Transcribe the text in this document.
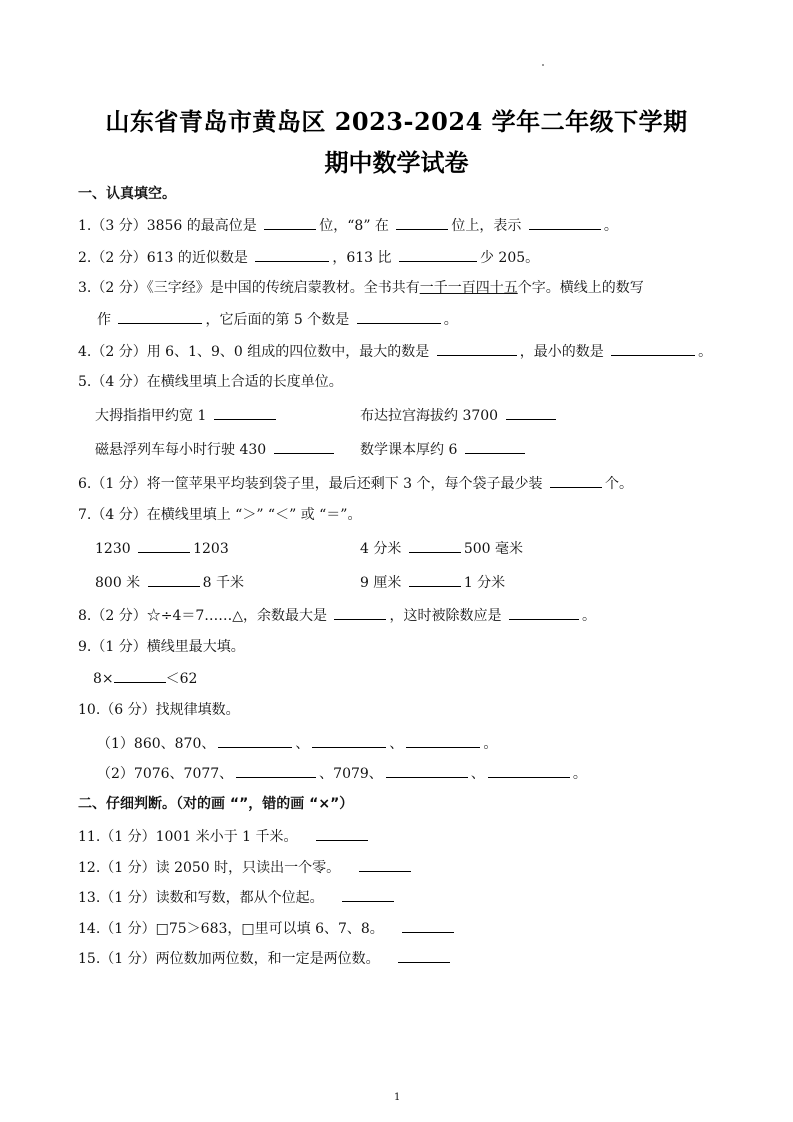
山东省青岛市黄岛区 2023-2024 学年二年级下学期
期中数学试卷
一、认真填空。
1.（3 分）3856 的最高位是	位，“8” 在	位上，表示	。
2.（2 分）613 的近似数是	，613 比	少 205。
3.（2 分）《三字经》是中国的传统启蒙教材。全书共有一千一百四十五个字。横线上的数写
作	，它后面的第 5 个数是	。
4.（2 分）用 6、1、9、0 组成的四位数中，最大的数是	，最小的数是	。
5.（4 分）在横线里填上合适的长度单位。
大拇指指甲约宽 1	布达拉宫海拔约 3700
磁悬浮列车每小时行驶 430	数学课本厚约 6
6.（1 分）将一筐苹果平均装到袋子里，最后还剩下 3 个，每个袋子最少装	个。
7.（4 分）在横线里填上 “＞” “＜” 或 “＝”。
1230	1203	4 分米	500 毫米
800 米	8 千米	9 厘米	1 分米
8.（2 分）☆÷4＝7……△，余数最大是	，这时被除数应是	。
9.（1 分）横线里最大填。
8×	＜62
10.（6 分）找规律填数。
（1）860、870、	、	、	。
（2）7076、7077、	、7079、	、	。
二、仔细判断。（对的画 “”，错的画 “×”）
11.（1 分）1001 米小于 1 千米。
12.（1 分）读 2050 时，只读出一个零。
13.（1 分）读数和写数，都从个位起。
14.（1 分）□75＞683，□里可以填 6、7、8。
15.（1 分）两位数加两位数，和一定是两位数。
1
